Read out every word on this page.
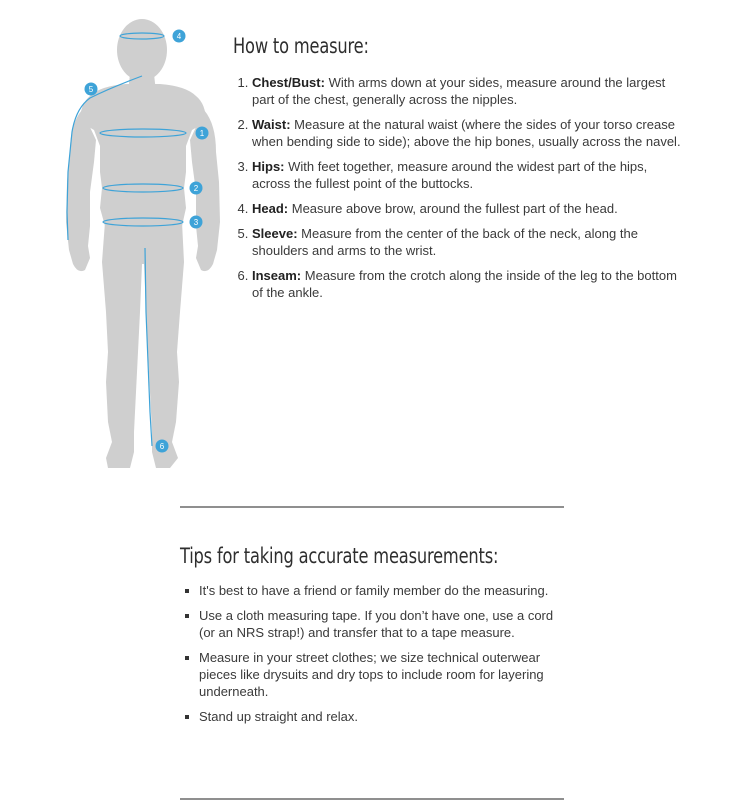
4
5
1
2
3
6
How to measure:
1. Chest/Bust: With arms down at your sides, measure around the largest part of the chest, generally across the nipples.
2. Waist: Measure at the natural waist (where the sides of your torso crease when bending side to side); above the hip bones, usually across the navel.
3. Hips: With feet together, measure around the widest part of the hips, across the fullest point of the buttocks.
4. Head: Measure above brow, around the fullest part of the head.
5. Sleeve: Measure from the center of the back of the neck, along the shoulders and arms to the wrist.
6. Inseam: Measure from the crotch along the inside of the leg to the bottom of the ankle.
Tips for taking accurate measurements:
It's best to have a friend or family member do the measuring.
Use a cloth measuring tape. If you don’t have one, use a cord (or an NRS strap!) and transfer that to a tape measure.
Measure in your street clothes; we size technical outerwear pieces like drysuits and dry tops to include room for layering underneath.
Stand up straight and relax.
